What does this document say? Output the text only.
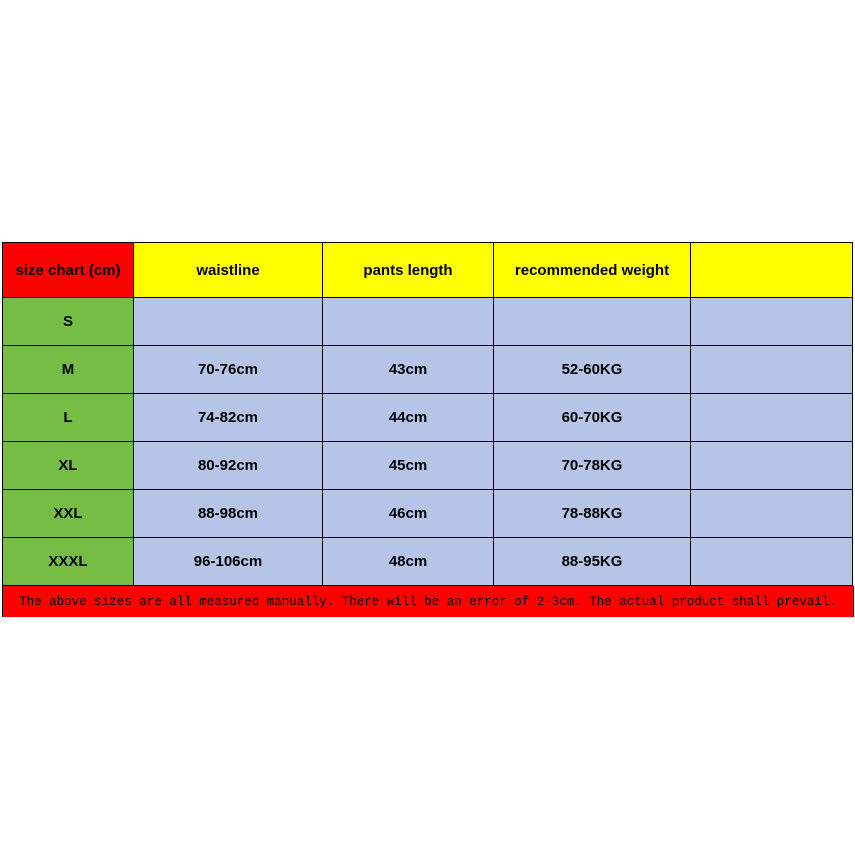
size chart (cm)	waistline	pants length	recommended weight	
S				
M	70-76cm	43cm	52-60KG	
L	74-82cm	44cm	60-70KG	
XL	80-92cm	45cm	70-78KG	
XXL	88-98cm	46cm	78-88KG	
XXXL	96-106cm	48cm	88-95KG	
The above sizes are all measured manually. There will be an error of 2-3cm. The actual product shall prevail.
